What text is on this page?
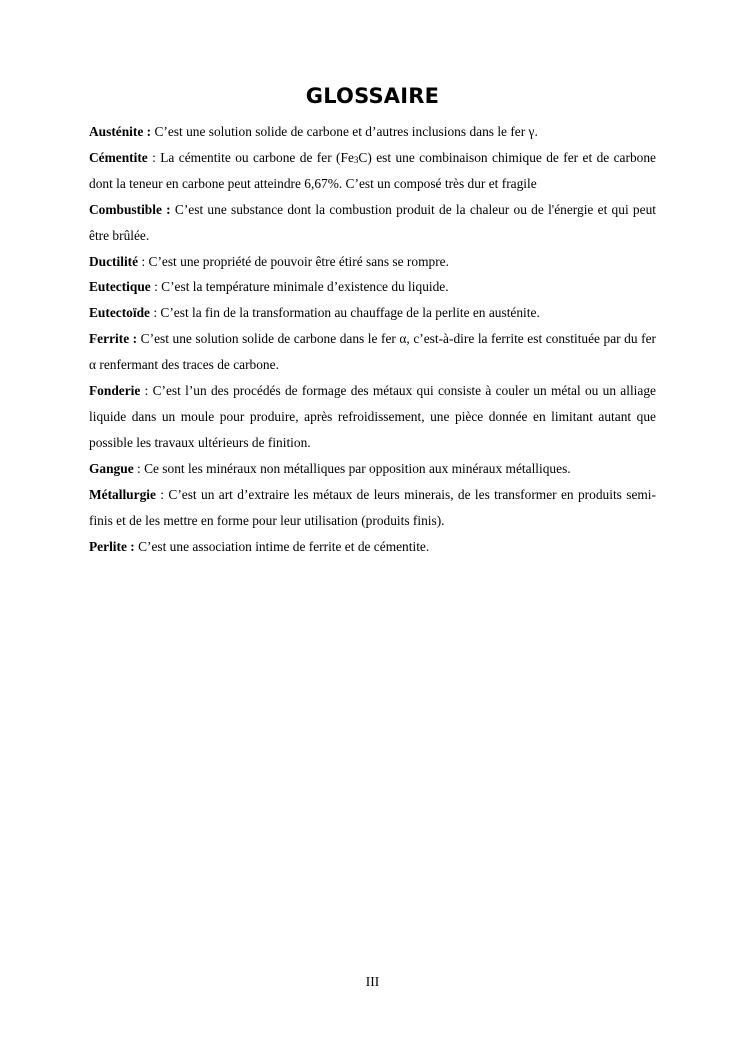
GLOSSAIRE

Austénite : C’est une solution solide de carbone et d’autres inclusions dans le fer γ.

Cémentite : La cémentite ou carbone de fer (Fe3C) est une combinaison chimique de fer et de carbone dont la teneur en carbone peut atteindre 6,67%. C’est un composé très dur et fragile

Combustible : C’est une substance dont la combustion produit de la chaleur ou de l'énergie et qui peut être brûlée.

Ductilité : C’est une propriété de pouvoir être étiré sans se rompre.

Eutectique : C’est la température minimale d’existence du liquide.

Eutectoïde : C’est la fin de la transformation au chauffage de la perlite en austénite.

Ferrite : C’est une solution solide de carbone dans le fer α, c’est-à-dire la ferrite est constituée par du fer α renfermant des traces de carbone.

Fonderie : C’est l’un des procédés de formage des métaux qui consiste à couler un métal ou un alliage liquide dans un moule pour produire, après refroidissement, une pièce donnée en limitant autant que possible les travaux ultérieurs de finition.

Gangue : Ce sont les minéraux non métalliques par opposition aux minéraux métalliques.

Métallurgie : C’est un art d’extraire les métaux de leurs minerais, de les transformer en produits semi-finis et de les mettre en forme pour leur utilisation (produits finis).

Perlite : C’est une association intime de ferrite et de cémentite.

III
